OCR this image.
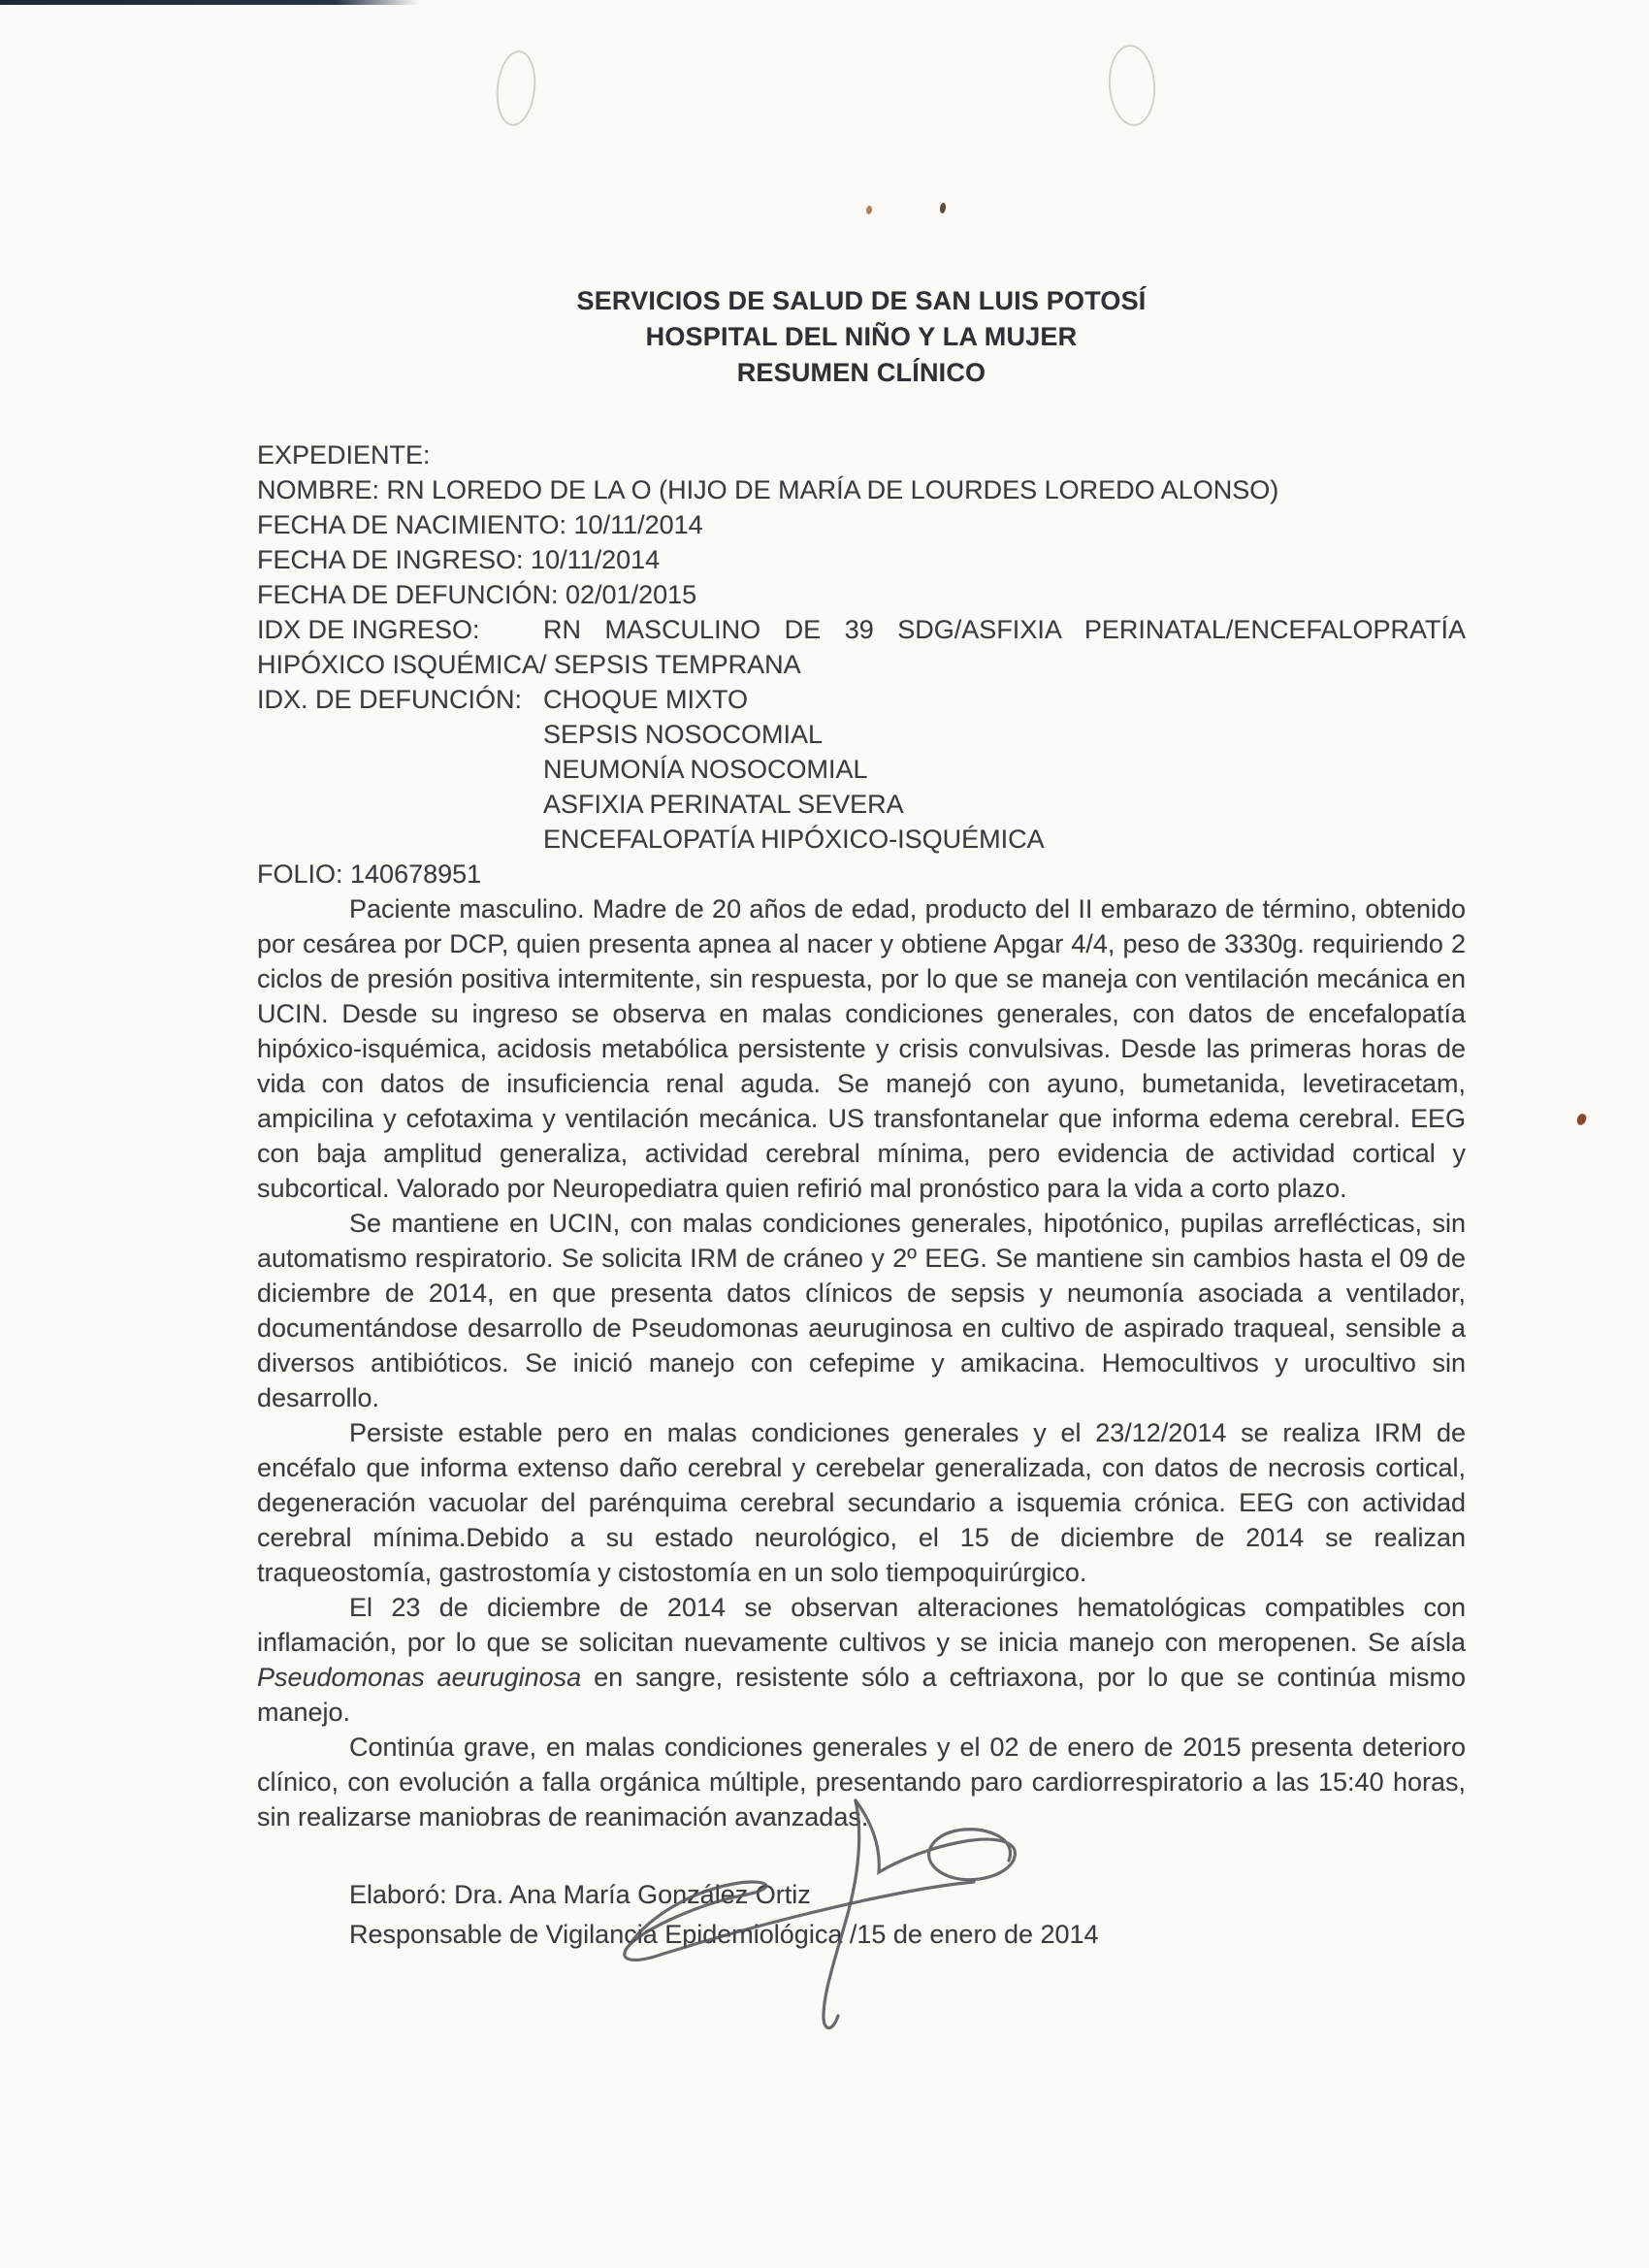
SERVICIOS DE SALUD DE SAN LUIS POTOSÍ
HOSPITAL DEL NIÑO Y LA MUJER
RESUMEN CLÍNICO
EXPEDIENTE:
NOMBRE: RN LOREDO DE LA O (HIJO DE MARÍA DE LOURDES LOREDO ALONSO)
FECHA DE NACIMIENTO: 10/11/2014
FECHA DE INGRESO: 10/11/2014
FECHA DE DEFUNCIÓN: 02/01/2015
IDX DE INGRESO:	RN MASCULINO DE 39 SDG/ASFIXIA PERINATAL/ENCEFALOPRATÍA
HIPÓXICO ISQUÉMICA/ SEPSIS TEMPRANA
IDX. DE DEFUNCIÓN: CHOQUE MIXTO
SEPSIS NOSOCOMIAL
NEUMONÍA NOSOCOMIAL
ASFIXIA PERINATAL SEVERA
ENCEFALOPATÍA HIPÓXICO-ISQUÉMICA
FOLIO: 140678951

Paciente masculino. Madre de 20 años de edad, producto del II embarazo de término, obtenido por cesárea por DCP, quien presenta apnea al nacer y obtiene Apgar 4/4, peso de 3330g. requiriendo 2 ciclos de presión positiva intermitente, sin respuesta, por lo que se maneja con ventilación mecánica en UCIN. Desde su ingreso se observa en malas condiciones generales, con datos de encefalopatía hipóxico-isquémica, acidosis metabólica persistente y crisis convulsivas. Desde las primeras horas de vida con datos de insuficiencia renal aguda. Se manejó con ayuno, bumetanida, levetiracetam, ampicilina y cefotaxima y ventilación mecánica. US transfontanelar que informa edema cerebral. EEG con baja amplitud generaliza, actividad cerebral mínima, pero evidencia de actividad cortical y subcortical. Valorado por Neuropediatra quien refirió mal pronóstico para la vida a corto plazo.

Se mantiene en UCIN, con malas condiciones generales, hipotónico, pupilas arreflécticas, sin automatismo respiratorio. Se solicita IRM de cráneo y 2º EEG. Se mantiene sin cambios hasta el 09 de diciembre de 2014, en que presenta datos clínicos de sepsis y neumonía asociada a ventilador, documentándose desarrollo de Pseudomonas aeuruginosa en cultivo de aspirado traqueal, sensible a diversos antibióticos. Se inició manejo con cefepime y amikacina. Hemocultivos y urocultivo sin desarrollo.

Persiste estable pero en malas condiciones generales y el 23/12/2014 se realiza IRM de encéfalo que informa extenso daño cerebral y cerebelar generalizada, con datos de necrosis cortical, degeneración vacuolar del parénquima cerebral secundario a isquemia crónica. EEG con actividad cerebral mínima.Debido a su estado neurológico, el 15 de diciembre de 2014 se realizan traqueostomía, gastrostomía y cistostomía en un solo tiempoquirúrgico.

El 23 de diciembre de 2014 se observan alteraciones hematológicas compatibles con inflamación, por lo que se solicitan nuevamente cultivos y se inicia manejo con meropenen. Se aísla Pseudomonas aeuruginosa en sangre, resistente sólo a ceftriaxona, por lo que se continúa mismo manejo.

Continúa grave, en malas condiciones generales y el 02 de enero de 2015 presenta deterioro clínico, con evolución a falla orgánica múltiple, presentando paro cardiorrespiratorio a las 15:40 horas, sin realizarse maniobras de reanimación avanzadas.

Elaboró: Dra. Ana María González Ortiz
Responsable de Vigilancia Epidemiológica /15 de enero de 2014
